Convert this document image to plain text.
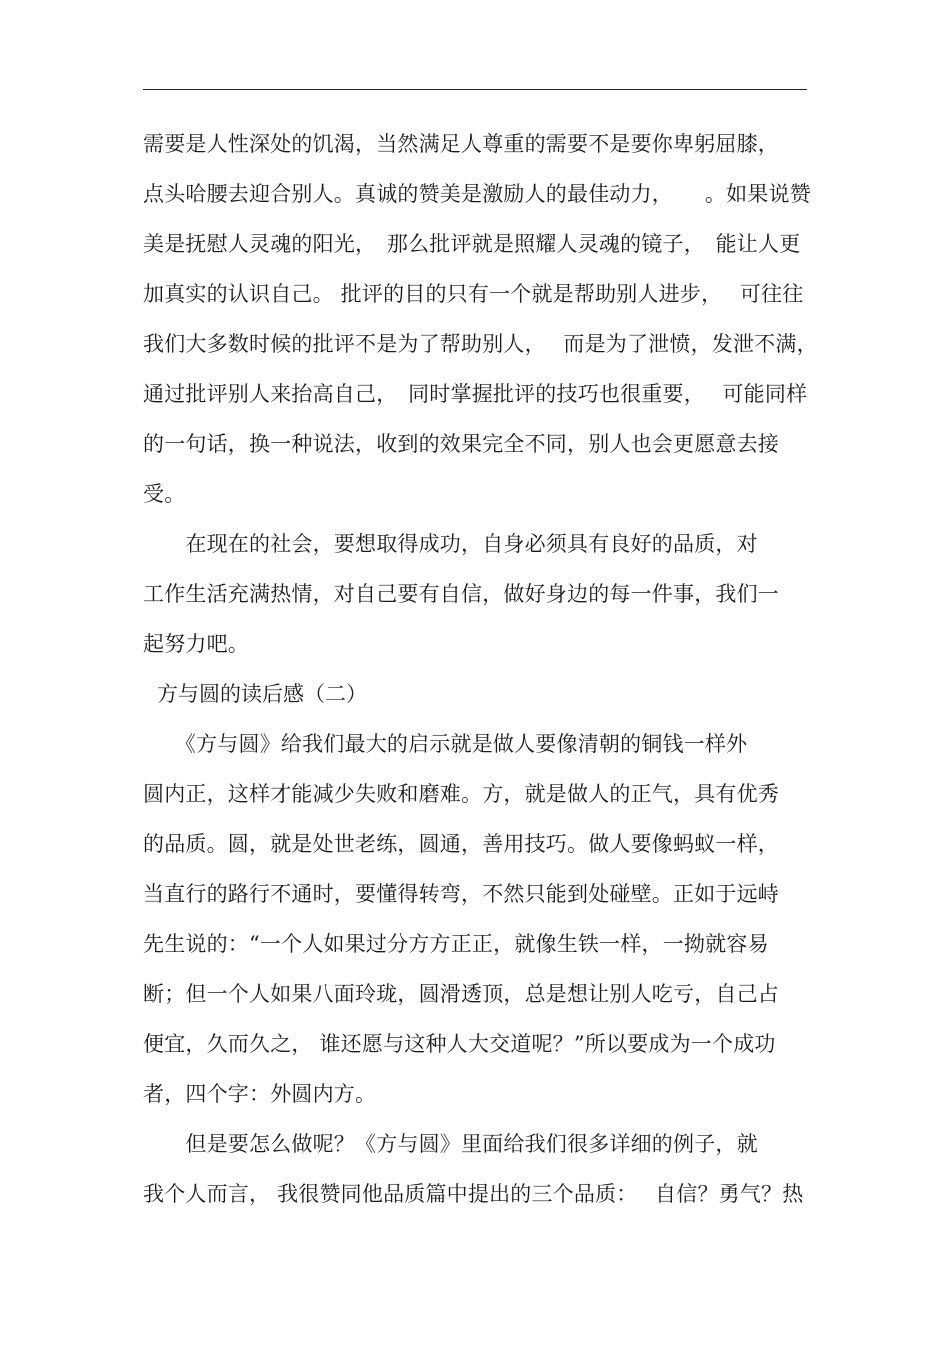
需要是人性深处的饥渴，当然满足人尊重的需要不是要你卑躬屈膝，
点头哈腰去迎合别人。真诚的赞美是激励人的最佳动力，　　。如果说赞
美是抚慰人灵魂的阳光，　那么批评就是照耀人灵魂的镜子，　能让人更
加真实的认识自己。 批评的目的只有一个就是帮助别人进步，　 可往往
我们大多数时候的批评不是为了帮助别人，　 而是为了泄愤，发泄不满，
通过批评别人来抬高自己，　同时掌握批评的技巧也很重要，　 可能同样
的一句话，换一种说法，收到的效果完全不同，别人也会更愿意去接
受。
　　在现在的社会，要想取得成功，自身必须具有良好的品质，对
工作生活充满热情，对自己要有自信，做好身边的每一件事，我们一
起努力吧。
方与圆的读后感（二）
　　《方与圆》给我们最大的启示就是做人要像清朝的铜钱一样外
圆内正，这样才能减少失败和磨难。方，就是做人的正气，具有优秀
的品质。圆，就是处世老练，圆通，善用技巧。做人要像蚂蚁一样，
当直行的路行不通时，要懂得转弯，不然只能到处碰壁。正如于远峙
先生说的：“一个人如果过分方方正正，就像生铁一样，一拗就容易
断；但一个人如果八面玲珑，圆滑透顶，总是想让别人吃亏，自己占
便宜，久而久之， 谁还愿与这种人大交道呢？”所以要成为一个成功
者，四个字：外圆内方。
　　但是要怎么做呢？《方与圆》里面给我们很多详细的例子，就
我个人而言， 我很赞同他品质篇中提出的三个品质：　 自信？勇气？热
